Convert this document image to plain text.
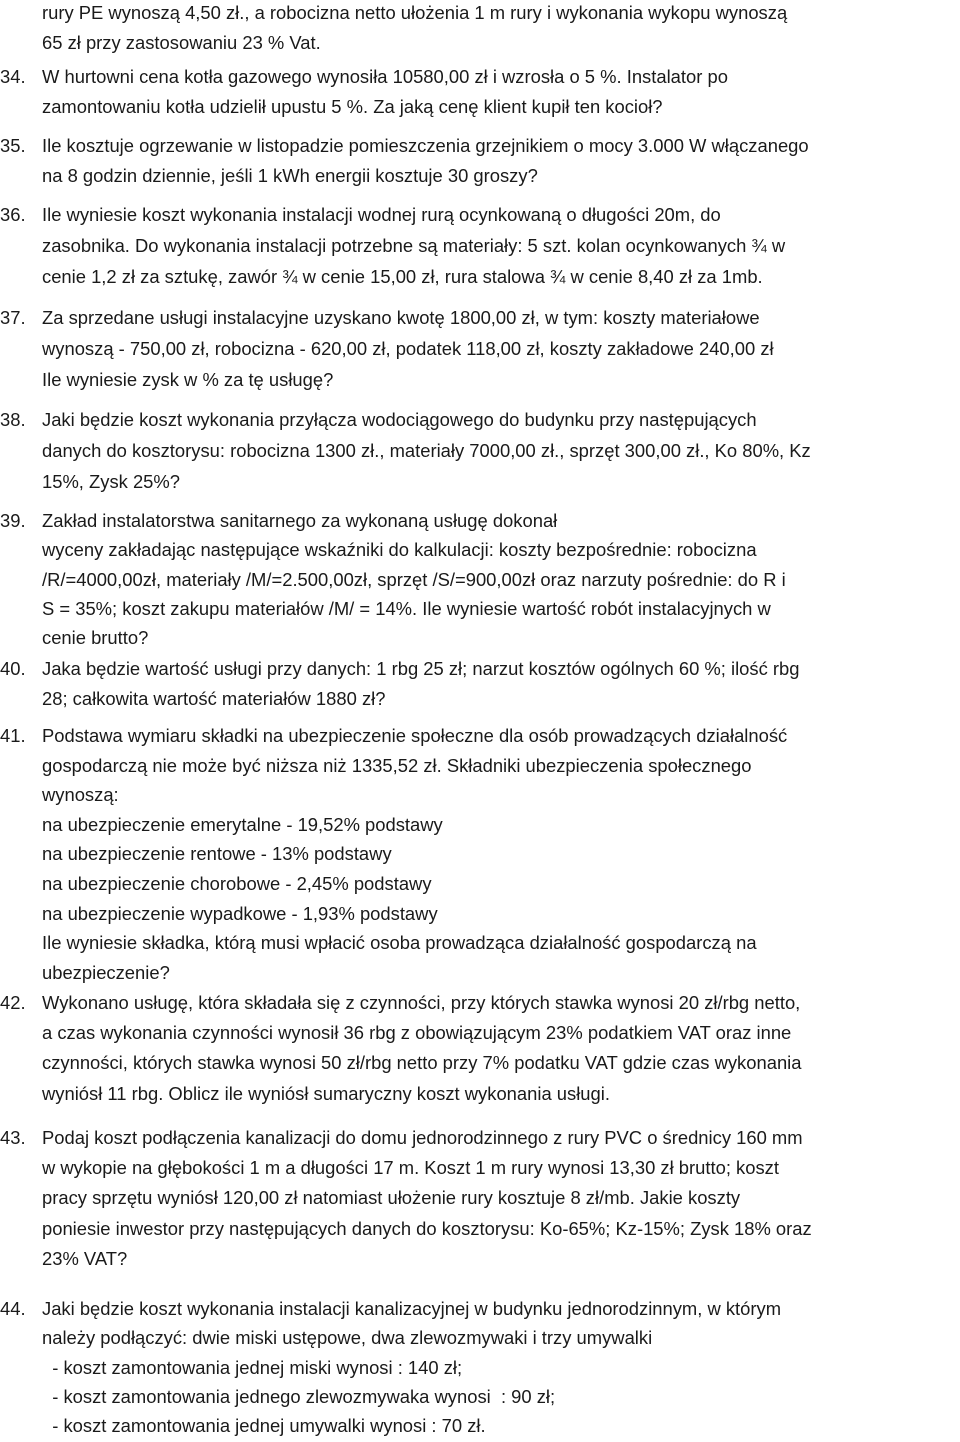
rury PE wynoszą 4,50 zł., a robocizna netto ułożenia 1 m rury i wykonania wykopu wynoszą
65 zł przy zastosowaniu 23 % Vat.
34. W hurtowni cena kotła gazowego wynosiła 10580,00 zł i wzrosła o 5 %. Instalator po
zamontowaniu kotła udzielił upustu 5 %. Za jaką cenę klient kupił ten kocioł?
35. Ile kosztuje ogrzewanie w listopadzie pomieszczenia grzejnikiem o mocy 3.000 W włączanego
na 8 godzin dziennie, jeśli 1 kWh energii kosztuje 30 groszy?
36. Ile wyniesie koszt wykonania instalacji wodnej rurą ocynkowaną o długości 20m, do
zasobnika. Do wykonania instalacji potrzebne są materiały: 5 szt. kolan ocynkowanych ¾ w
cenie 1,2 zł za sztukę, zawór ¾ w cenie 15,00 zł, rura stalowa ¾ w cenie 8,40 zł za 1mb.
37. Za sprzedane usługi instalacyjne uzyskano kwotę 1800,00 zł, w tym: koszty materiałowe
wynoszą - 750,00 zł, robocizna - 620,00 zł, podatek 118,00 zł, koszty zakładowe 240,00 zł
Ile wyniesie zysk w % za tę usługę?
38. Jaki będzie koszt wykonania przyłącza wodociągowego do budynku przy następujących
danych do kosztorysu: robocizna 1300 zł., materiały 7000,00 zł., sprzęt 300,00 zł., Ko 80%, Kz
15%, Zysk 25%?
39. Zakład instalatorstwa sanitarnego za wykonaną usługę dokonał
wyceny zakładając następujące wskaźniki do kalkulacji: koszty bezpośrednie: robocizna
/R/=4000,00zł, materiały /M/=2.500,00zł, sprzęt /S/=900,00zł oraz narzuty pośrednie: do R i
S = 35%; koszt zakupu materiałów /M/ = 14%. Ile wyniesie wartość robót instalacyjnych w
cenie brutto?
40. Jaka będzie wartość usługi przy danych: 1 rbg 25 zł; narzut kosztów ogólnych 60 %; ilość rbg
28; całkowita wartość materiałów 1880 zł?
41. Podstawa wymiaru składki na ubezpieczenie społeczne dla osób prowadzących działalność
gospodarczą nie może być niższa niż 1335,52 zł. Składniki ubezpieczenia społecznego
wynoszą:
na ubezpieczenie emerytalne - 19,52% podstawy
na ubezpieczenie rentowe - 13% podstawy
na ubezpieczenie chorobowe - 2,45% podstawy
na ubezpieczenie wypadkowe - 1,93% podstawy
Ile wyniesie składka, którą musi wpłacić osoba prowadząca działalność gospodarczą na
ubezpieczenie?
42. Wykonano usługę, która składała się z czynności, przy których stawka wynosi 20 zł/rbg netto,
a czas wykonania czynności wynosił 36 rbg z obowiązującym 23% podatkiem VAT oraz inne
czynności, których stawka wynosi 50 zł/rbg netto przy 7% podatku VAT gdzie czas wykonania
wyniósł 11 rbg. Oblicz ile wyniósł sumaryczny koszt wykonania usługi.
43. Podaj koszt podłączenia kanalizacji do domu jednorodzinnego z rury PVC o średnicy 160 mm
w wykopie na głębokości 1 m a długości 17 m. Koszt 1 m rury wynosi 13,30 zł brutto; koszt
pracy sprzętu wyniósł 120,00 zł natomiast ułożenie rury kosztuje 8 zł/mb. Jakie koszty
poniesie inwestor przy następujących danych do kosztorysu: Ko-65%; Kz-15%; Zysk 18% oraz
23% VAT?
44. Jaki będzie koszt wykonania instalacji kanalizacyjnej w budynku jednorodzinnym, w którym
należy podłączyć: dwie miski ustępowe, dwa zlewozmywaki i trzy umywalki
- koszt zamontowania jednej miski wynosi : 140 zł;
- koszt zamontowania jednego zlewozmywaka wynosi  : 90 zł;
- koszt zamontowania jednej umywalki wynosi : 70 zł.
